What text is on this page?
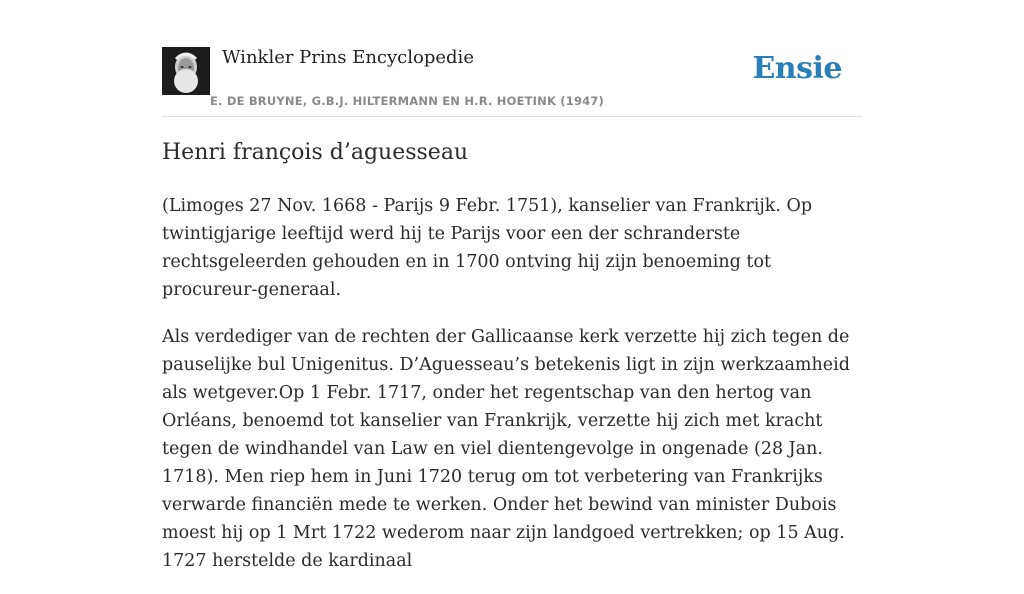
Winkler Prins Encyclopedie
E. DE BRUYNE, G.B.J. HILTERMANN EN H.R. HOETINK (1947)
Ensie
Henri françois d’aguesseau

(Limoges 27 Nov. 1668 - Parijs 9 Febr. 1751), kanselier van Frankrijk. Op twintigjarige leeftijd werd hij te Parijs voor een der schranderste rechtsgeleerden gehouden en in 1700 ontving hij zijn benoeming tot procureur-generaal.

Als verdediger van de rechten der Gallicaanse kerk verzette hij zich tegen de pauselijke bul Unigenitus. D’Aguesseau’s betekenis ligt in zijn werkzaamheid als wetgever.Op 1 Febr. 1717, onder het regentschap van den hertog van Orléans, benoemd tot kanselier van Frankrijk, verzette hij zich met kracht tegen de windhandel van Law en viel dientengevolge in ongenade (28 Jan. 1718). Men riep hem in Juni 1720 terug om tot verbetering van Frankrijks verwarde financiën mede te werken. Onder het bewind van minister Dubois moest hij op 1 Mrt 1722 wederom naar zijn landgoed vertrekken; op 15 Aug. 1727 herstelde de kardinaal
